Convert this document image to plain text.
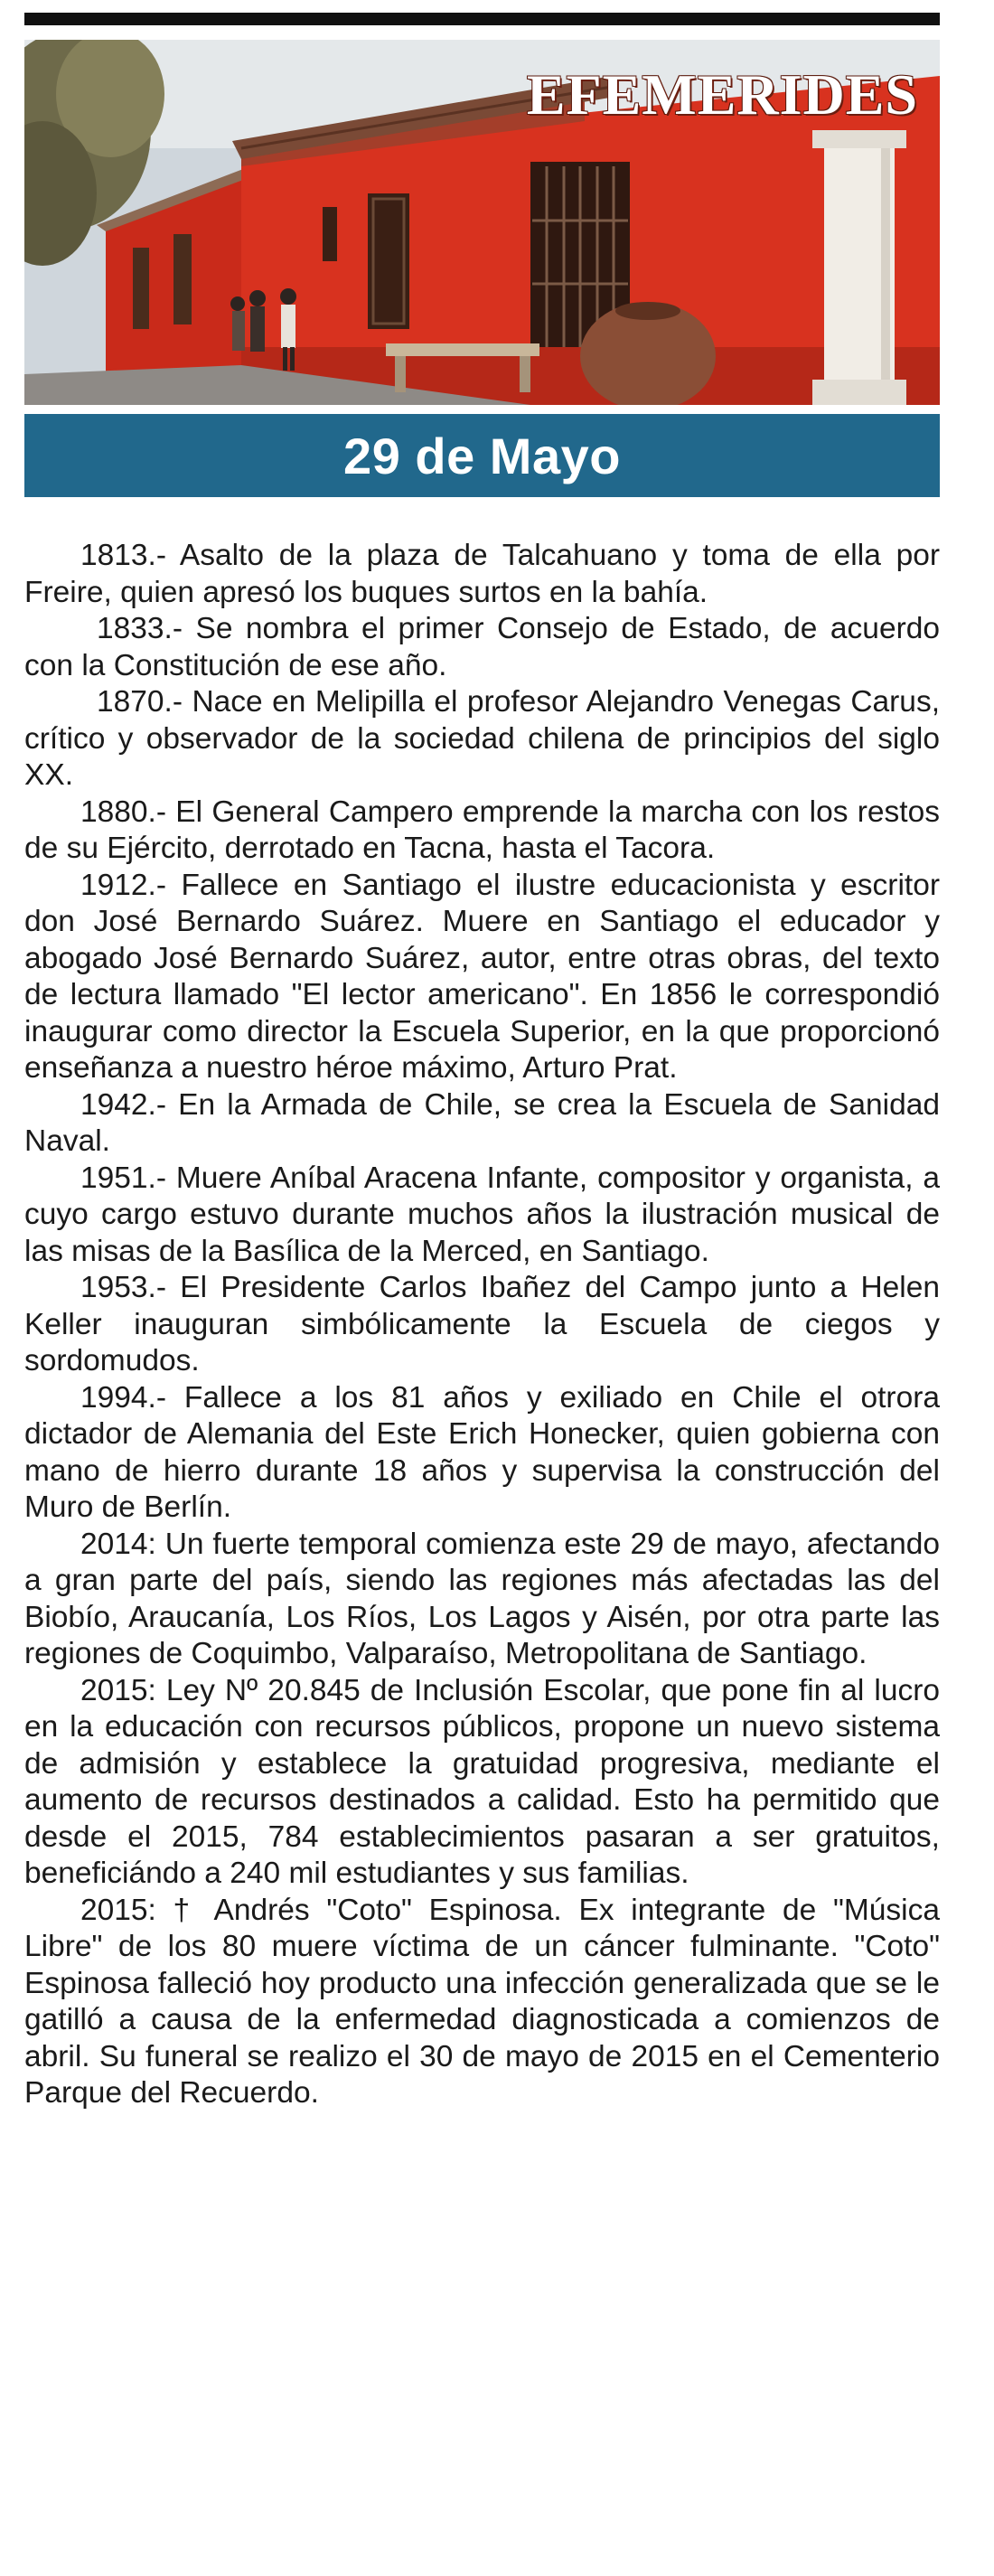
EFEMERIDES
29 de Mayo

1813.- Asalto de la plaza de Talcahuano y toma de ella por Freire, quien apresó los buques surtos en la bahía.

1833.- Se nombra el primer Consejo de Estado, de acuerdo con la Constitución de ese año.

1870.- Nace en Melipilla el profesor Alejandro Venegas Carus, crítico y observador de la sociedad chilena de principios del siglo XX.

1880.- El General Campero emprende la marcha con los restos de su Ejército, derrotado en Tacna, hasta el Tacora.

1912.- Fallece en Santiago el ilustre educacionista y escritor don José Bernardo Suárez. Muere en Santiago el educador y abogado José Bernardo Suárez, autor, entre otras obras, del texto de lectura llamado "El lector americano". En 1856 le correspondió inaugurar como director la Escuela Superior, en la que proporcionó enseñanza a nuestro héroe máximo, Arturo Prat.

1942.- En la Armada de Chile, se crea la Escuela de Sanidad Naval.

1951.- Muere Aníbal Aracena Infante, compositor y organista, a cuyo cargo estuvo durante muchos años la ilustración musical de las misas de la Basílica de la Merced, en Santiago.

1953.- El Presidente Carlos Ibañez del Campo junto a Helen Keller inauguran simbólicamente la Escuela de ciegos y sordomudos.

1994.- Fallece a los 81 años y exiliado en Chile el otrora dictador de Alemania del Este Erich Honecker, quien gobierna con mano de hierro durante 18 años y supervisa la construcción del Muro de Berlín.

2014: Un fuerte temporal comienza este 29 de mayo, afectando a gran parte del país, siendo las regiones más afectadas las del Biobío, Araucanía, Los Ríos, Los Lagos y Aisén, por otra parte las regiones de Coquimbo, Valparaíso, Metropolitana de Santiago.

2015: Ley Nº 20.845 de Inclusión Escolar, que pone fin al lucro en la educación con recursos públicos, propone un nuevo sistema de admisión y establece la gratuidad progresiva, mediante el aumento de recursos destinados a calidad. Esto ha permitido que desde el 2015, 784 establecimientos pasaran a ser gratuitos, beneficiándo a 240 mil estudiantes y sus familias.

2015: † Andrés "Coto" Espinosa. Ex integrante de "Música Libre" de los 80 muere víctima de un cáncer fulminante. "Coto" Espinosa falleció hoy producto una infección generalizada que se le gatilló a causa de la enfermedad diagnosticada a comienzos de abril. Su funeral se realizo el 30 de mayo de 2015 en el Cementerio Parque del Recuerdo.
